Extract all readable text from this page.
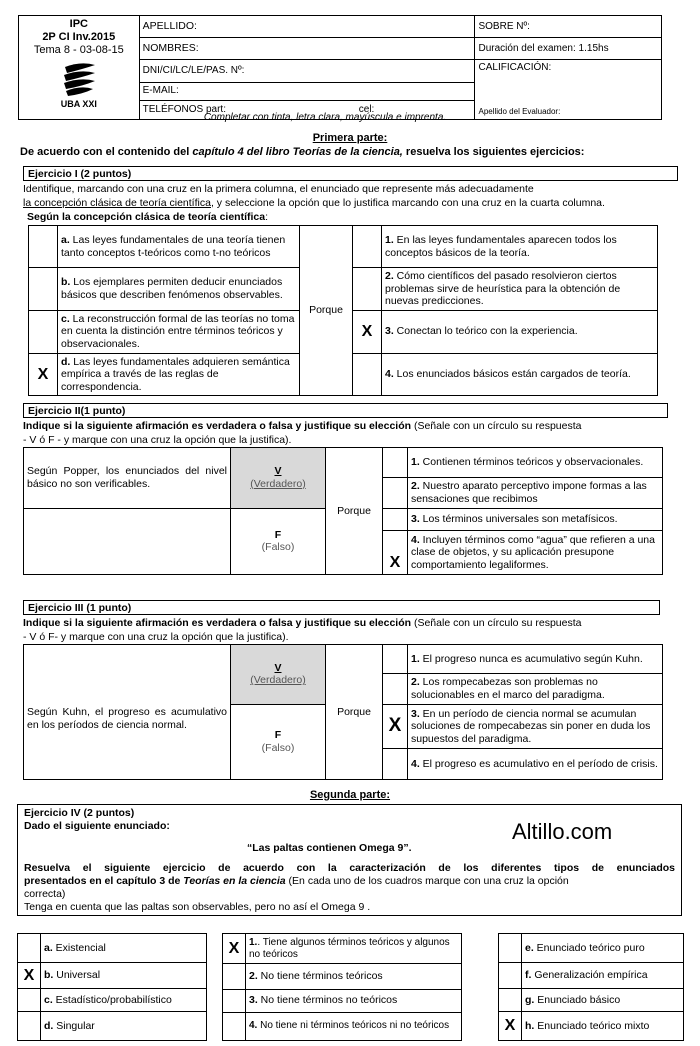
IPC
2P CI Inv.2015
Tema 8 - 03-08-15
UBA XXI	APELLIDO:	SOBRE Nº:
	NOMBRES:	Duración del examen: 1.15hs
	DNI/CI/LC/LE/PAS. Nº:	CALIFICACIÓN:
Apellido del Evaluador:

	E-MAIL:	
	TELÉFONOS part: cel:	
Completar con tinta, letra clara, mayúscula e imprenta.
Primera parte:
De acuerdo con el contenido del capítulo 4 del libro Teorías de la ciencia, resuelva los siguientes ejercicios:
Ejercicio I (2 puntos)
Identifique, marcando con una cruz en la primera columna, el enunciado que represente más adecuadamente
la concepción clásica de teoría científica, y seleccione la opción que lo justifica marcando con una cruz en la cuarta columna.
Según la concepción clásica de teoría científica:
	a. Las leyes fundamentales de una teoría tienen tanto conceptos t-teóricos como t-no teóricos	Porque		1. En las leyes fundamentales aparecen todos los conceptos básicos de la teoría.
	b. Los ejemplares permiten deducir enunciados básicos que describen fenómenos observables.			2. Cómo científicos del pasado resolvieron ciertos problemas sirve de heurística para la obtención de nuevas predicciones.
	c. La reconstrucción formal de las teorías no toma en cuenta la distinción entre términos teóricos y observacionales.		X	3. Conectan lo teórico con la experiencia.
X	d. Las leyes fundamentales adquieren semántica empírica a través de las reglas de correspondencia.			4. Los enunciados básicos están cargados de teoría.
Ejercicio II(1 punto)
Indique si la siguiente afirmación es verdadera o falsa y justifique su elección (Señale con un círculo su respuesta
- V ó F - y marque con una cruz la opción que la justifica).
Según Popper, los enunciados del nivel básico no son verificables.	V
(Verdadero)	Porque		1. Contienen términos teóricos y observacionales.
				2. Nuestro aparato perceptivo impone formas a las sensaciones que recibimos

	F
(Falso)			3. Los términos universales son metafísicos.
			X	4. Incluyen términos como “agua” que refieren a una clase de objetos, y su aplicación presupone comportamiento legaliformes.
Ejercicio III (1 punto)
Indique si la siguiente afirmación es verdadera o falsa y justifique su elección (Señale con un círculo su respuesta
- V ó F- y marque con una cruz la opción que la justifica).

	V
(Verdadero)	Porque		1. El progreso nunca es acumulativo según Kuhn.
				2. Los rompecabezas son problemas no solucionables en el marco del paradigma.
Según Kuhn, el progreso es acumulativo en los períodos de ciencia normal.	F
(Falso)		X	3. En un período de ciencia normal se acumulan soluciones de rompecabezas sin poner en duda los supuestos del paradigma.
				4. El progreso es acumulativo en el período de crisis.
Segunda parte:
Ejercicio IV (2 puntos)
Dado el siguiente enunciado:
“Las paltas contienen Omega 9”.
Altillo.com
Resuelva el siguiente ejercicio de acuerdo con la caracterización de los diferentes tipos de enunciados
presentados en el capítulo 3 de Teorías en la ciencia (En cada uno de los cuadros marque con una cruz la opción
correcta)
Tenga en cuenta que las paltas son observables, pero no así el Omega 9 .
	a. Existencial
X	b. Universal
	c. Estadístico/probabilístico
	d. Singular
X	1.. Tiene algunos términos teóricos y algunos no teóricos
	2. No tiene términos teóricos
	3. No tiene términos no teóricos
	4. No tiene ni términos teóricos ni no teóricos
	e. Enunciado teórico puro
	f. Generalización empírica
	g. Enunciado básico
X	h. Enunciado teórico mixto
